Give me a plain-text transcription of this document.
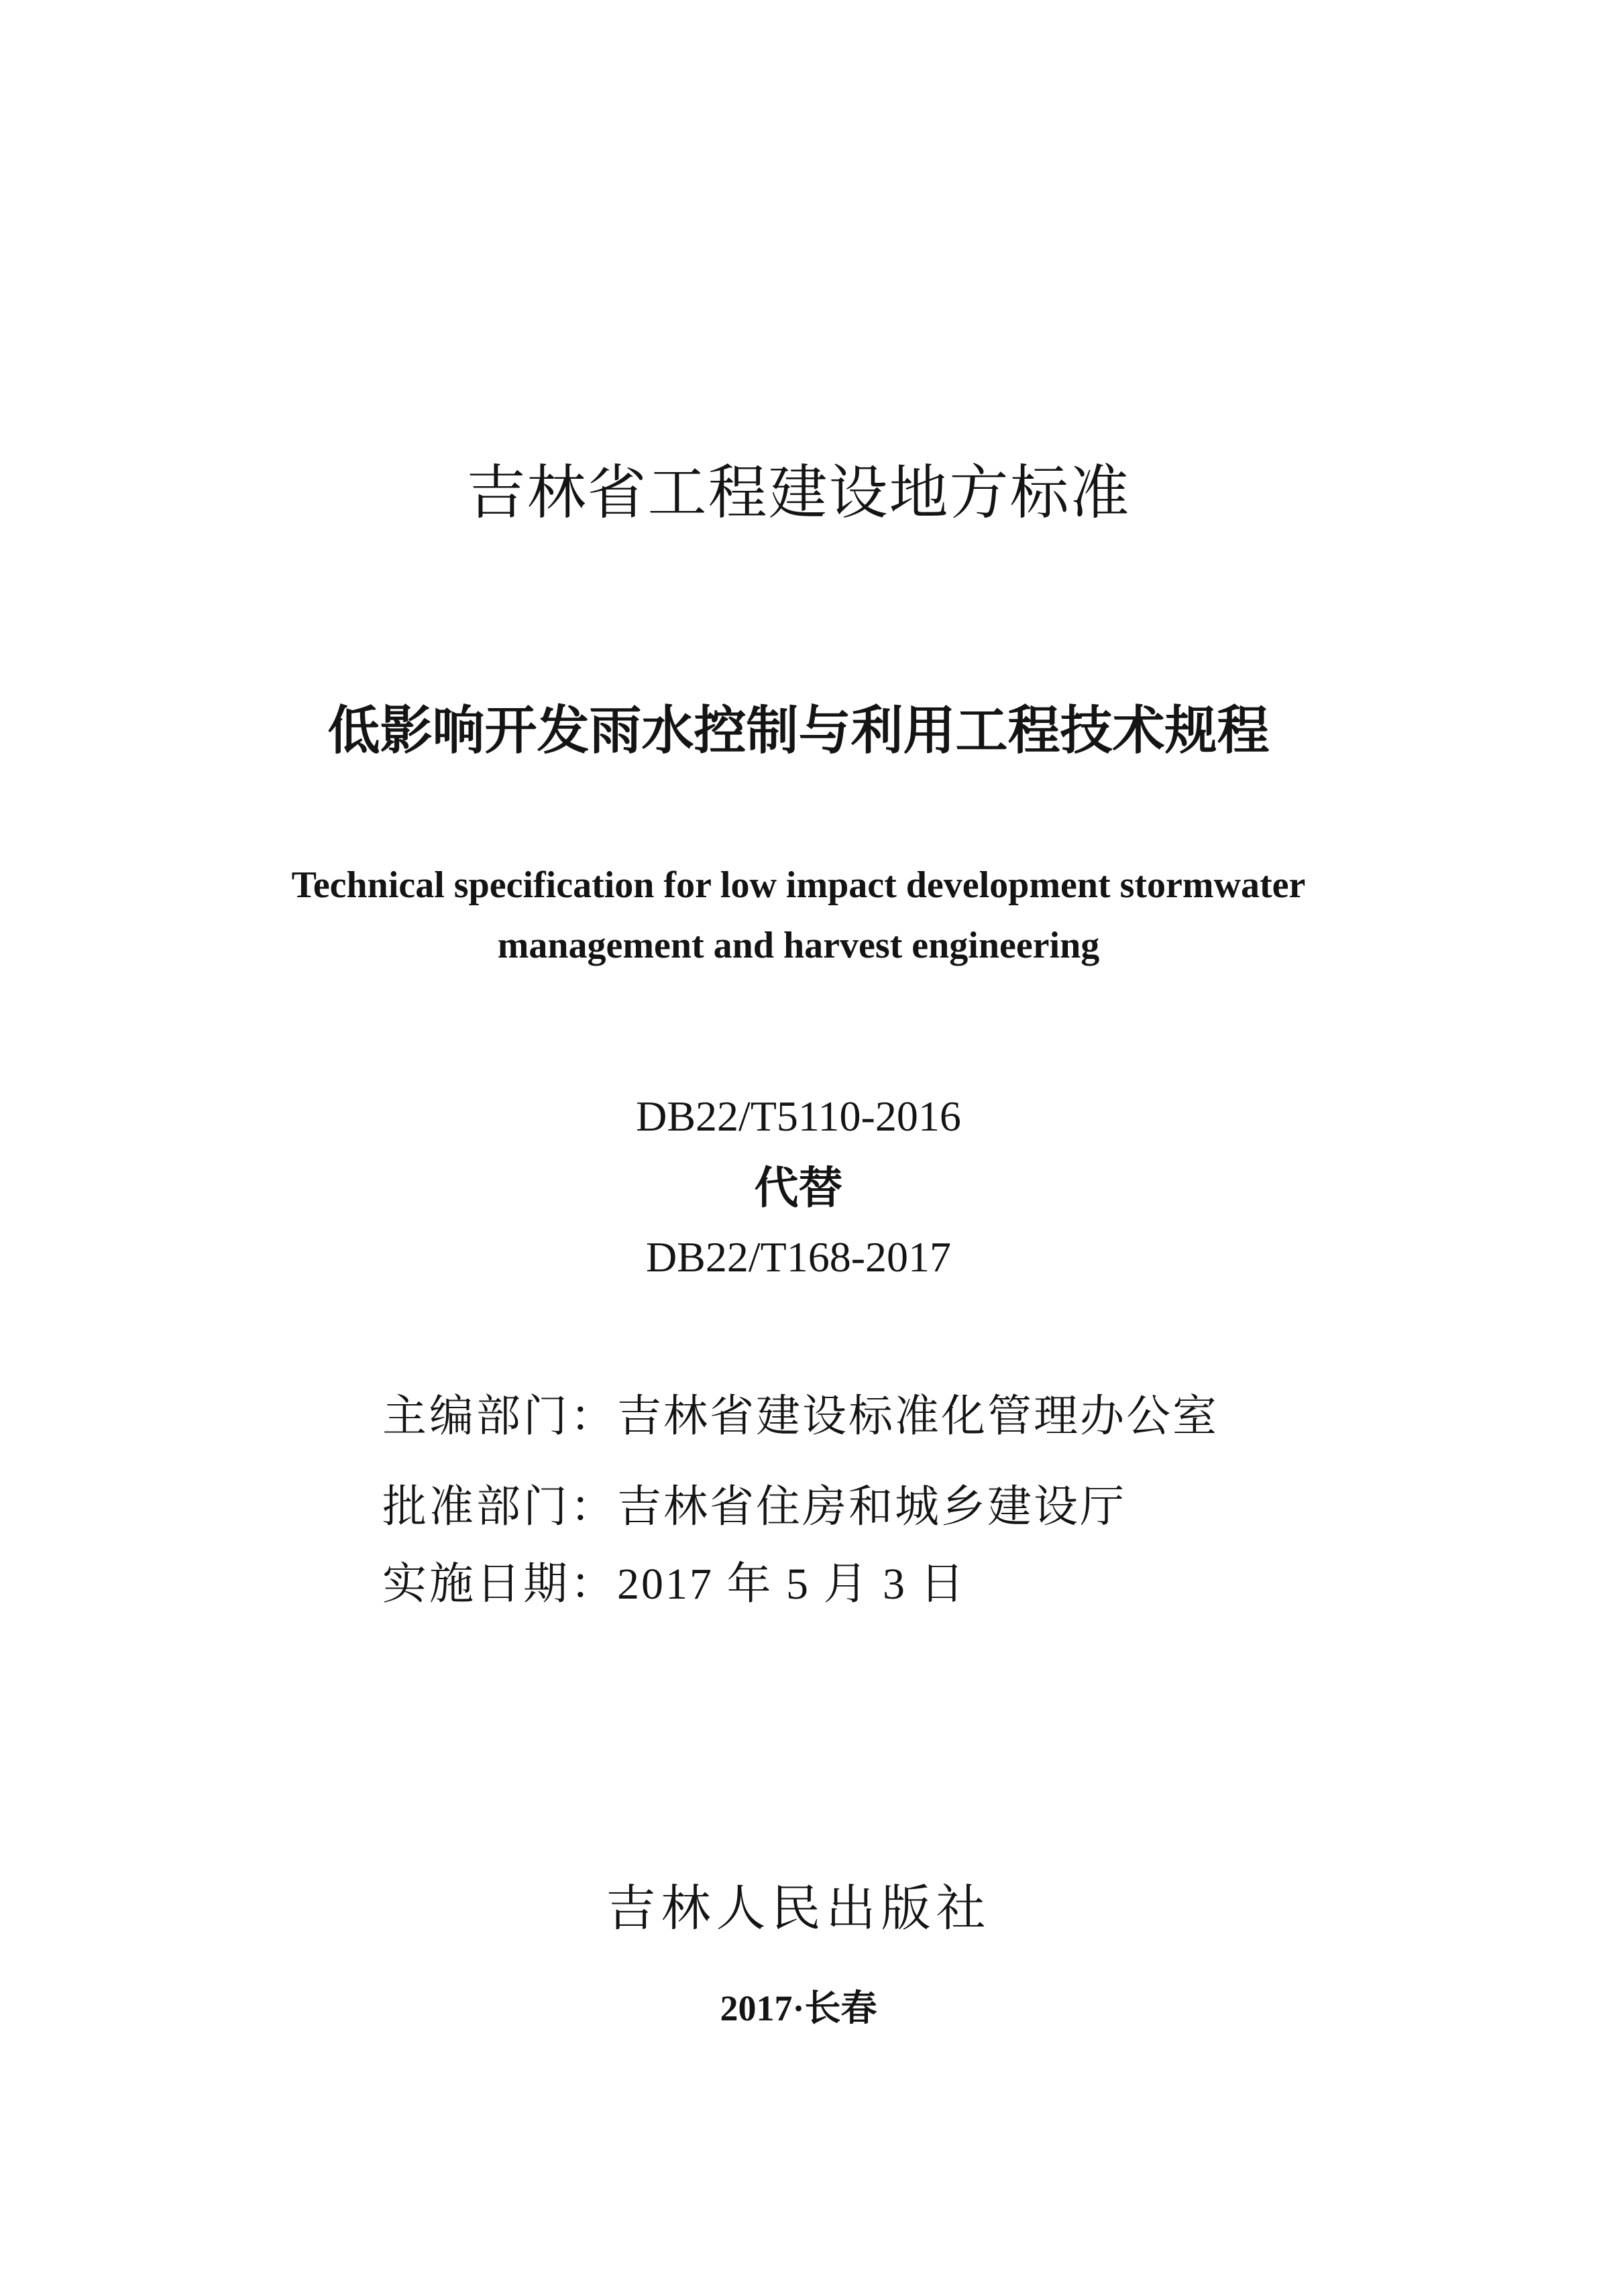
吉林省工程建设地方标准
低影响开发雨水控制与利用工程技术规程
Technical specification for low impact development stormwater
management and harvest engineering
DB22/T5110-2016
代替
DB22/T168-2017
主编部门：吉林省建设标准化管理办公室
批准部门：吉林省住房和城乡建设厅
实施日期：2017 年 5 月 3 日
吉林人民出版社
2017·长春
